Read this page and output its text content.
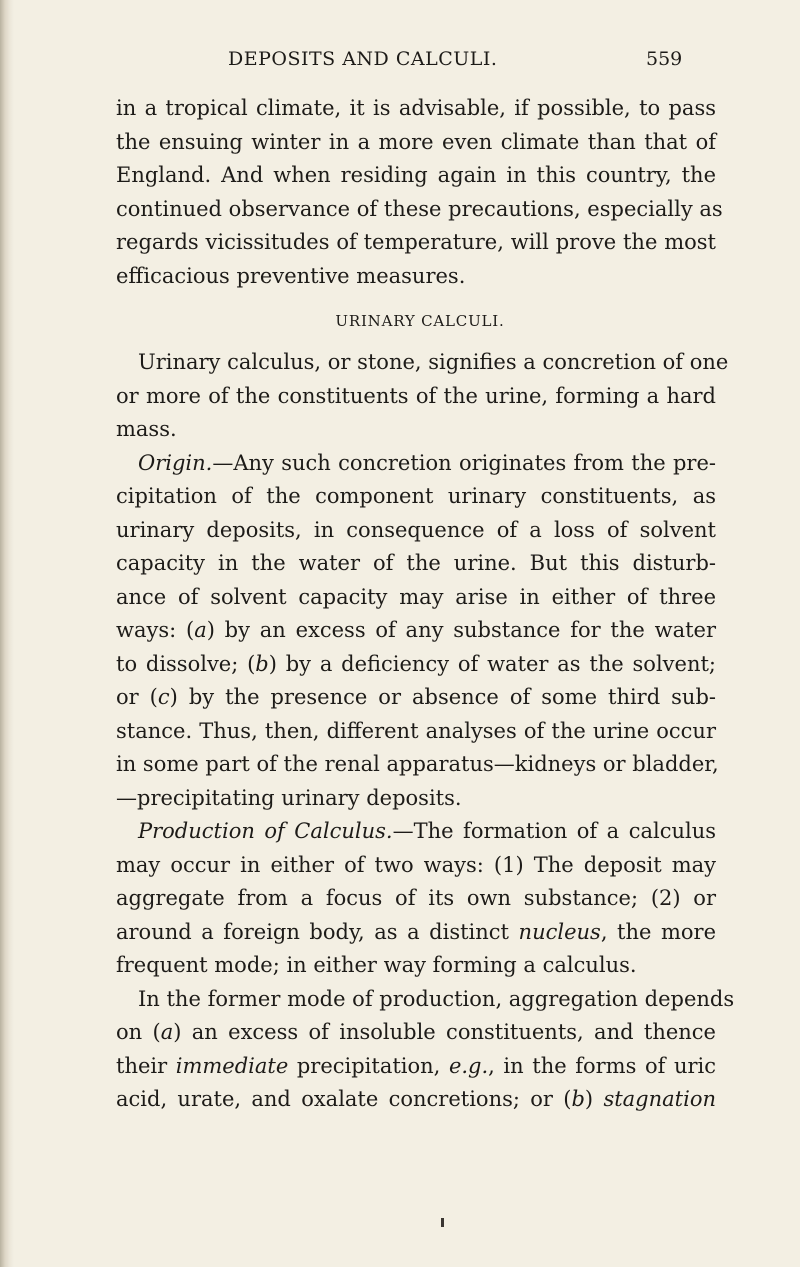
DEPOSITS AND CALCULI.	559
in a tropical climate, it is advisable, if possible, to pass
the ensuing winter in a more even climate than that of
England. And when residing again in this country, the
continued observance of these precautions, especially as
regards vicissitudes of temperature, will prove the most
efficacious preventive measures.
URINARY CALCULI.
Urinary calculus, or stone, signifies a concretion of one
or more of the constituents of the urine, forming a hard
mass.
Origin.—Any such concretion originates from the pre-
cipitation of the component urinary constituents, as
urinary deposits, in consequence of a loss of solvent
capacity in the water of the urine. But this disturb-
ance of solvent capacity may arise in either of three
ways: (a) by an excess of any substance for the water
to dissolve; (b) by a deficiency of water as the solvent;
or (c) by the presence or absence of some third sub-
stance. Thus, then, different analyses of the urine occur
in some part of the renal apparatus—kidneys or bladder,
—precipitating urinary deposits.
Production of Calculus.—The formation of a calculus
may occur in either of two ways: (1) The deposit may
aggregate from a focus of its own substance; (2) or
around a foreign body, as a distinct nucleus, the more
frequent mode; in either way forming a calculus.
In the former mode of production, aggregation depends
on (a) an excess of insoluble constituents, and thence
their immediate precipitation, e.g., in the forms of uric
acid, urate, and oxalate concretions; or (b) stagnation
